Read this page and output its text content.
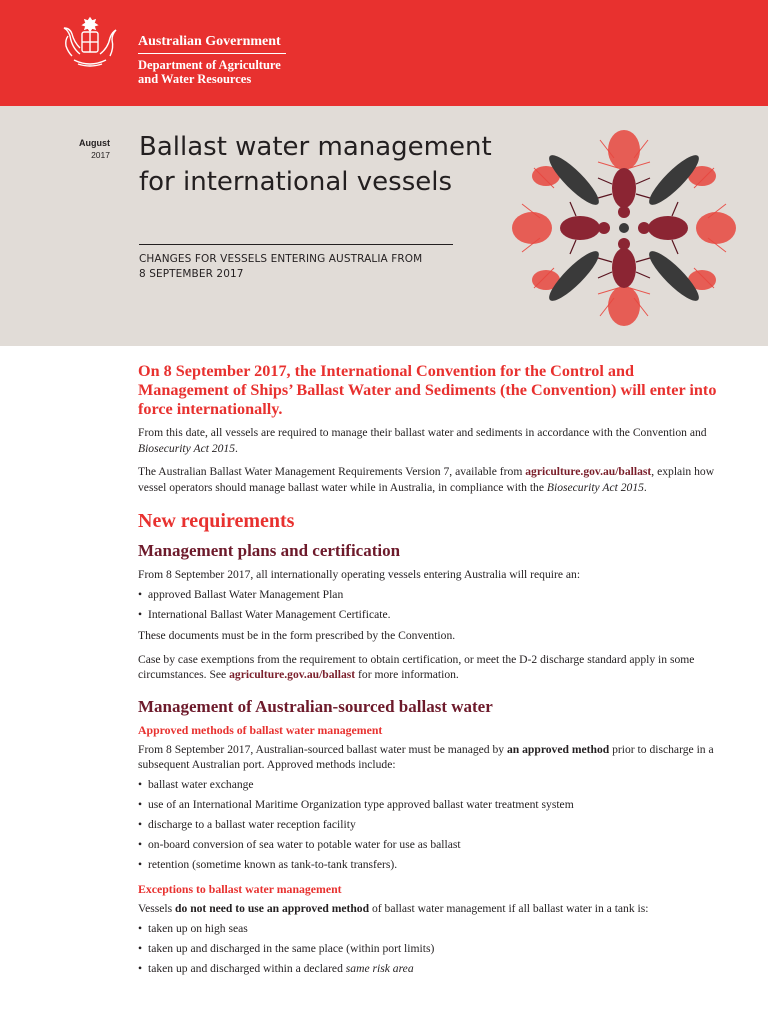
Australian Government
Department of Agriculture
and Water Resources
August
2017 Ballast water management
for international vessels
CHANGES FOR VESSELS ENTERING AUSTRALIA FROM
8 SEPTEMBER 2017
On 8 September 2017, the International Convention for the Control and Management of Ships’ Ballast Water and Sediments (the Convention) will enter into force internationally.

From this date, all vessels are required to manage their ballast water and sediments in accordance with the Convention and Biosecurity Act 2015.

The Australian Ballast Water Management Requirements Version 7, available from agriculture.gov.au/ballast, explain how vessel operators should manage ballast water while in Australia, in compliance with the Biosecurity Act 2015.

New requirements
Management plans and certification

From 8 September 2017, all internationally operating vessels entering Australia will require an:

• approved Ballast Water Management Plan
• International Ballast Water Management Certificate.

These documents must be in the form prescribed by the Convention.

Case by case exemptions from the requirement to obtain certification, or meet the D-2 discharge standard apply in some circumstances. See agriculture.gov.au/ballast for more information.

Management of Australian-sourced ballast water
Approved methods of ballast water management

From 8 September 2017, Australian-sourced ballast water must be managed by an approved method prior to discharge in a subsequent Australian port. Approved methods include:

• ballast water exchange
• use of an International Maritime Organization type approved ballast water treatment system
• discharge to a ballast water reception facility
• on-board conversion of sea water to potable water for use as ballast
• retention (sometime known as tank-to-tank transfers).
Exceptions to ballast water management

Vessels do not need to use an approved method of ballast water management if all ballast water in a tank is:

• taken up on high seas
• taken up and discharged in the same place (within port limits)
• taken up and discharged within a declared same risk area
